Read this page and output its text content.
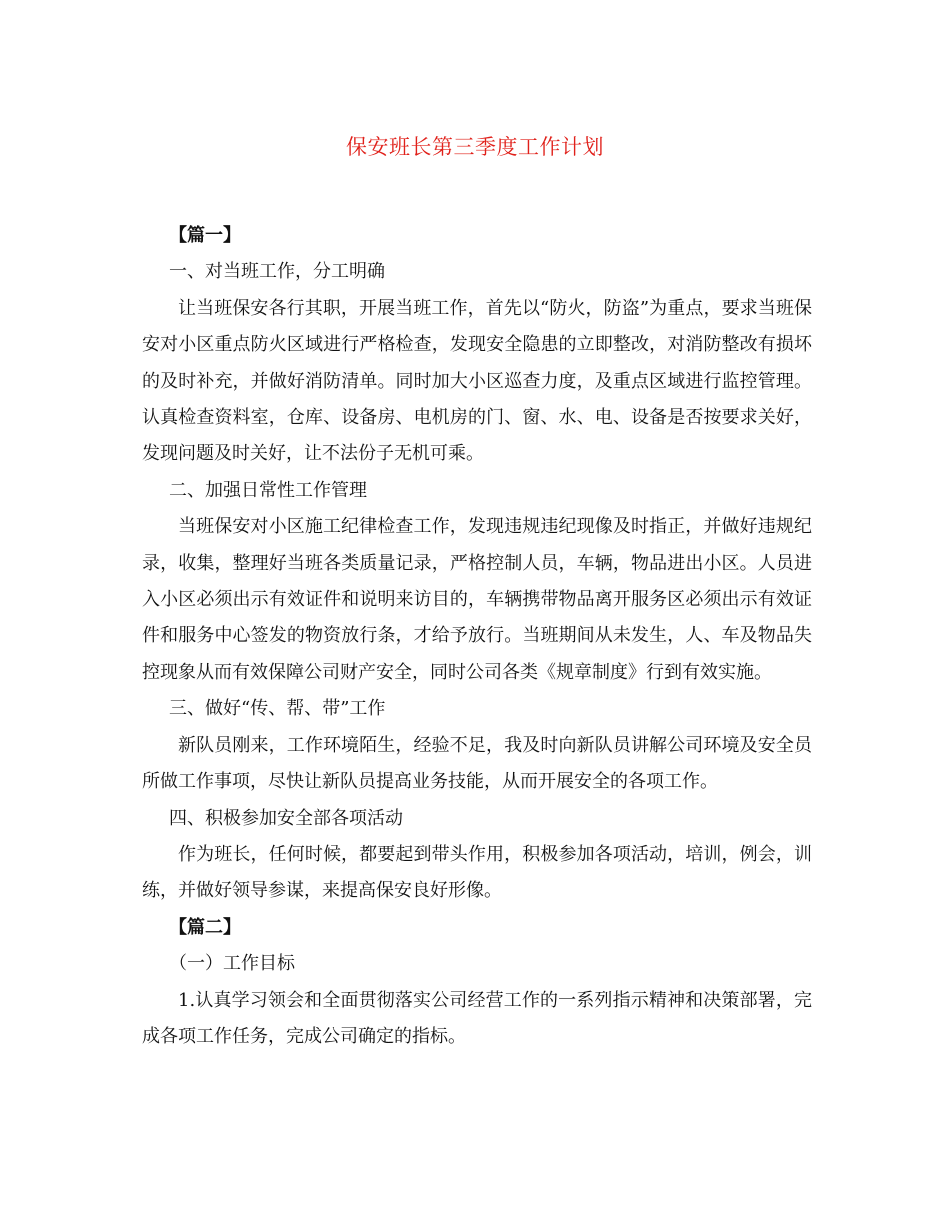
保安班长第三季度工作计划

【篇一】

一、对当班工作，分工明确

让当班保安各行其职，开展当班工作，首先以“防火，防盗”为重点，要求当班保安对小区重点防火区域进行严格检查，发现安全隐患的立即整改，对消防整改有损坏的及时补充，并做好消防清单。同时加大小区巡查力度，及重点区域进行监控管理。认真检查资料室，仓库、设备房、电机房的门、窗、水、电、设备是否按要求关好，发现问题及时关好，让不法份子无机可乘。

二、加强日常性工作管理

当班保安对小区施工纪律检查工作，发现违规违纪现像及时指正，并做好违规纪录，收集，整理好当班各类质量记录，严格控制人员，车辆，物品进出小区。人员进入小区必须出示有效证件和说明来访目的，车辆携带物品离开服务区必须出示有效证件和服务中心签发的物资放行条，才给予放行。当班期间从未发生，人、车及物品失控现象从而有效保障公司财产安全，同时公司各类《规章制度》行到有效实施。

三、做好“传、帮、带”工作

新队员刚来，工作环境陌生，经验不足，我及时向新队员讲解公司环境及安全员所做工作事项，尽快让新队员提高业务技能，从而开展安全的各项工作。

四、积极参加安全部各项活动

作为班长，任何时候，都要起到带头作用，积极参加各项活动，培训，例会，训练，并做好领导参谋，来提高保安良好形像。

【篇二】

（一）工作目标

1.认真学习领会和全面贯彻落实公司经营工作的一系列指示精神和决策部署，完成各项工作任务，完成公司确定的指标。
